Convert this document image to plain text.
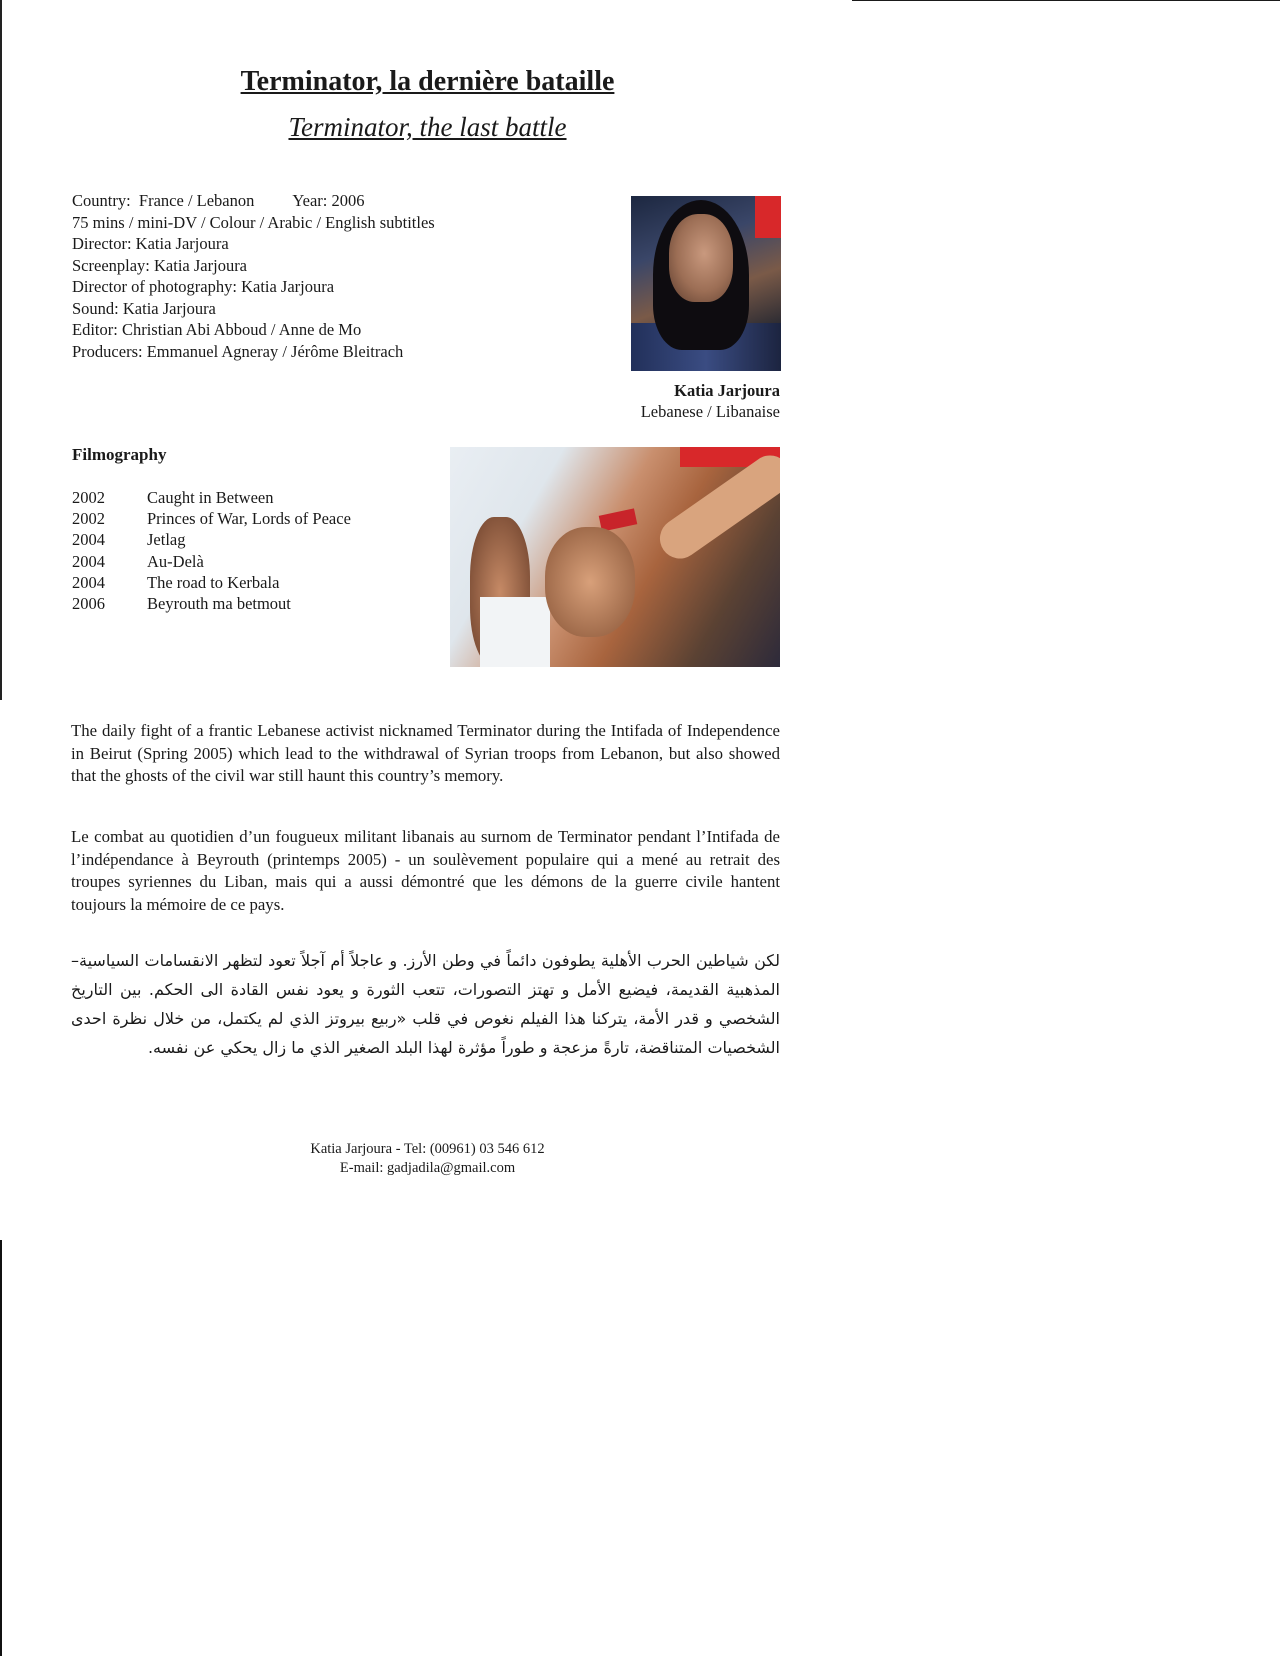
Terminator, la dernière bataille
Terminator, the last battle
Country: France / Lebanon Year: 2006
75 mins / mini-DV / Colour / Arabic / English subtitles
Director: Katia Jarjoura
Screenplay: Katia Jarjoura
Director of photography: Katia Jarjoura
Sound: Katia Jarjoura
Editor: Christian Abi Abboud / Anne de Mo
Producers: Emmanuel Agneray / Jérôme Bleitrach
Katia Jarjoura
Lebanese / Libanaise
Filmography
2002	Caught in Between
2002	Princes of War, Lords of Peace
2004	Jetlag
2004	Au-Delà
2004	The road to Kerbala
2006	Beyrouth ma betmout
The daily fight of a frantic Lebanese activist nicknamed Terminator during the Intifada of Independence in Beirut (Spring 2005) which lead to the withdrawal of Syrian troops from Lebanon, but also showed that the ghosts of the civil war still haunt this country’s memory.
Le combat au quotidien d’un fougueux militant libanais au surnom de Terminator pendant l’Intifada de l’indépendance à Beyrouth (printemps 2005) - un soulèvement populaire qui a mené au retrait des troupes syriennes du Liban, mais qui a aussi démontré que les démons de la guerre civile hantent toujours la mémoire de ce pays.
لكن شياطين الحرب الأهلية يطوفون دائماً في وطن الأرز. و عاجلاً أم آجلاً تعود لتظهر الانقسامات السياسية– المذهبية القديمة، فيضيع الأمل و تهتز التصورات، تتعب الثورة و يعود نفس القادة الى الحكم. بين التاريخ الشخصي و قدر الأمة، يتركنا هذا الفيلم نغوص في قلب «ربيع بيروتز الذي لم يكتمل، من خلال نظرة احدى الشخصيات المتناقضة، تارةً مزعجة و طوراً مؤثرة لهذا البلد الصغير الذي ما زال يحكي عن نفسه.
Katia Jarjoura - Tel: (00961) 03 546 612
E-mail: gadjadila@gmail.com
